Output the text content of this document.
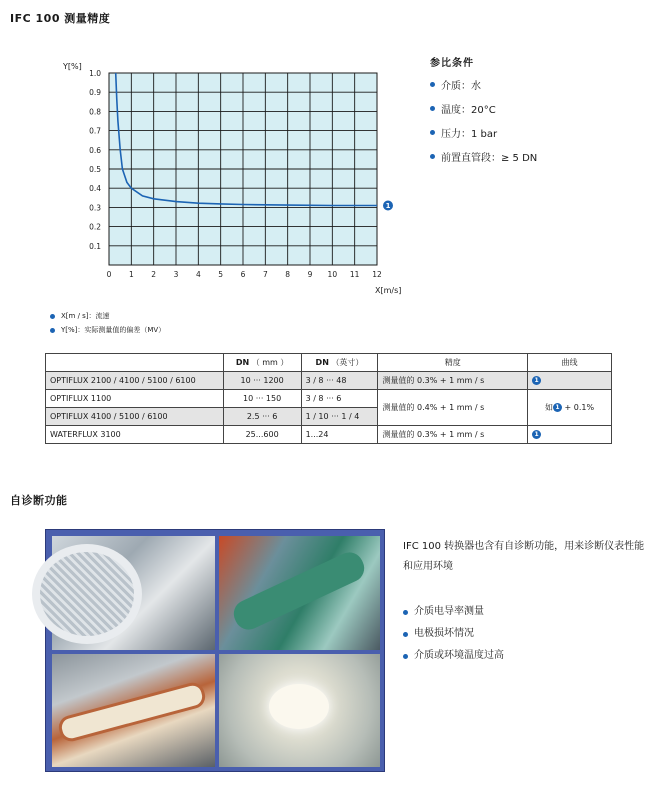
IFC 100 测量精度
0.1
0.2
0.3
0.4
0.5
0.6
0.7
0.8
0.9
1.0
0 1 2 3 4 5 6 7 8 9 10 11 12
Y[%]
X[m/s]
1
参比条件
介质：水
温度：20°C
压力：1 bar
前置直管段：≥ 5 DN
X[m / s]：流速
Y[%]：实际测量值的偏差（MV）
	DN （ mm ）	DN （英寸）	精度	曲线
OPTIFLUX 2100 / 4100 / 5100 / 6100	10 ··· 1200	3 / 8 ··· 48	测量值的 0.3% + 1 mm / s	1
OPTIFLUX 1100	10 ··· 150	3 / 8 ··· 6	测量值的 0.4% + 1 mm / s	如 1 + 0.1%
OPTIFLUX 4100 / 5100 / 6100	2.5 ··· 6	1 / 10 ··· 1 / 4		
WATERFLUX 3100	25...600	1...24	测量值的 0.3% + 1 mm / s	1
自诊断功能

IFC 100 转换器也含有自诊断功能，用来诊断仪表性能和应用环境

介质电导率测量
电极损坏情况
介质或环境温度过高
